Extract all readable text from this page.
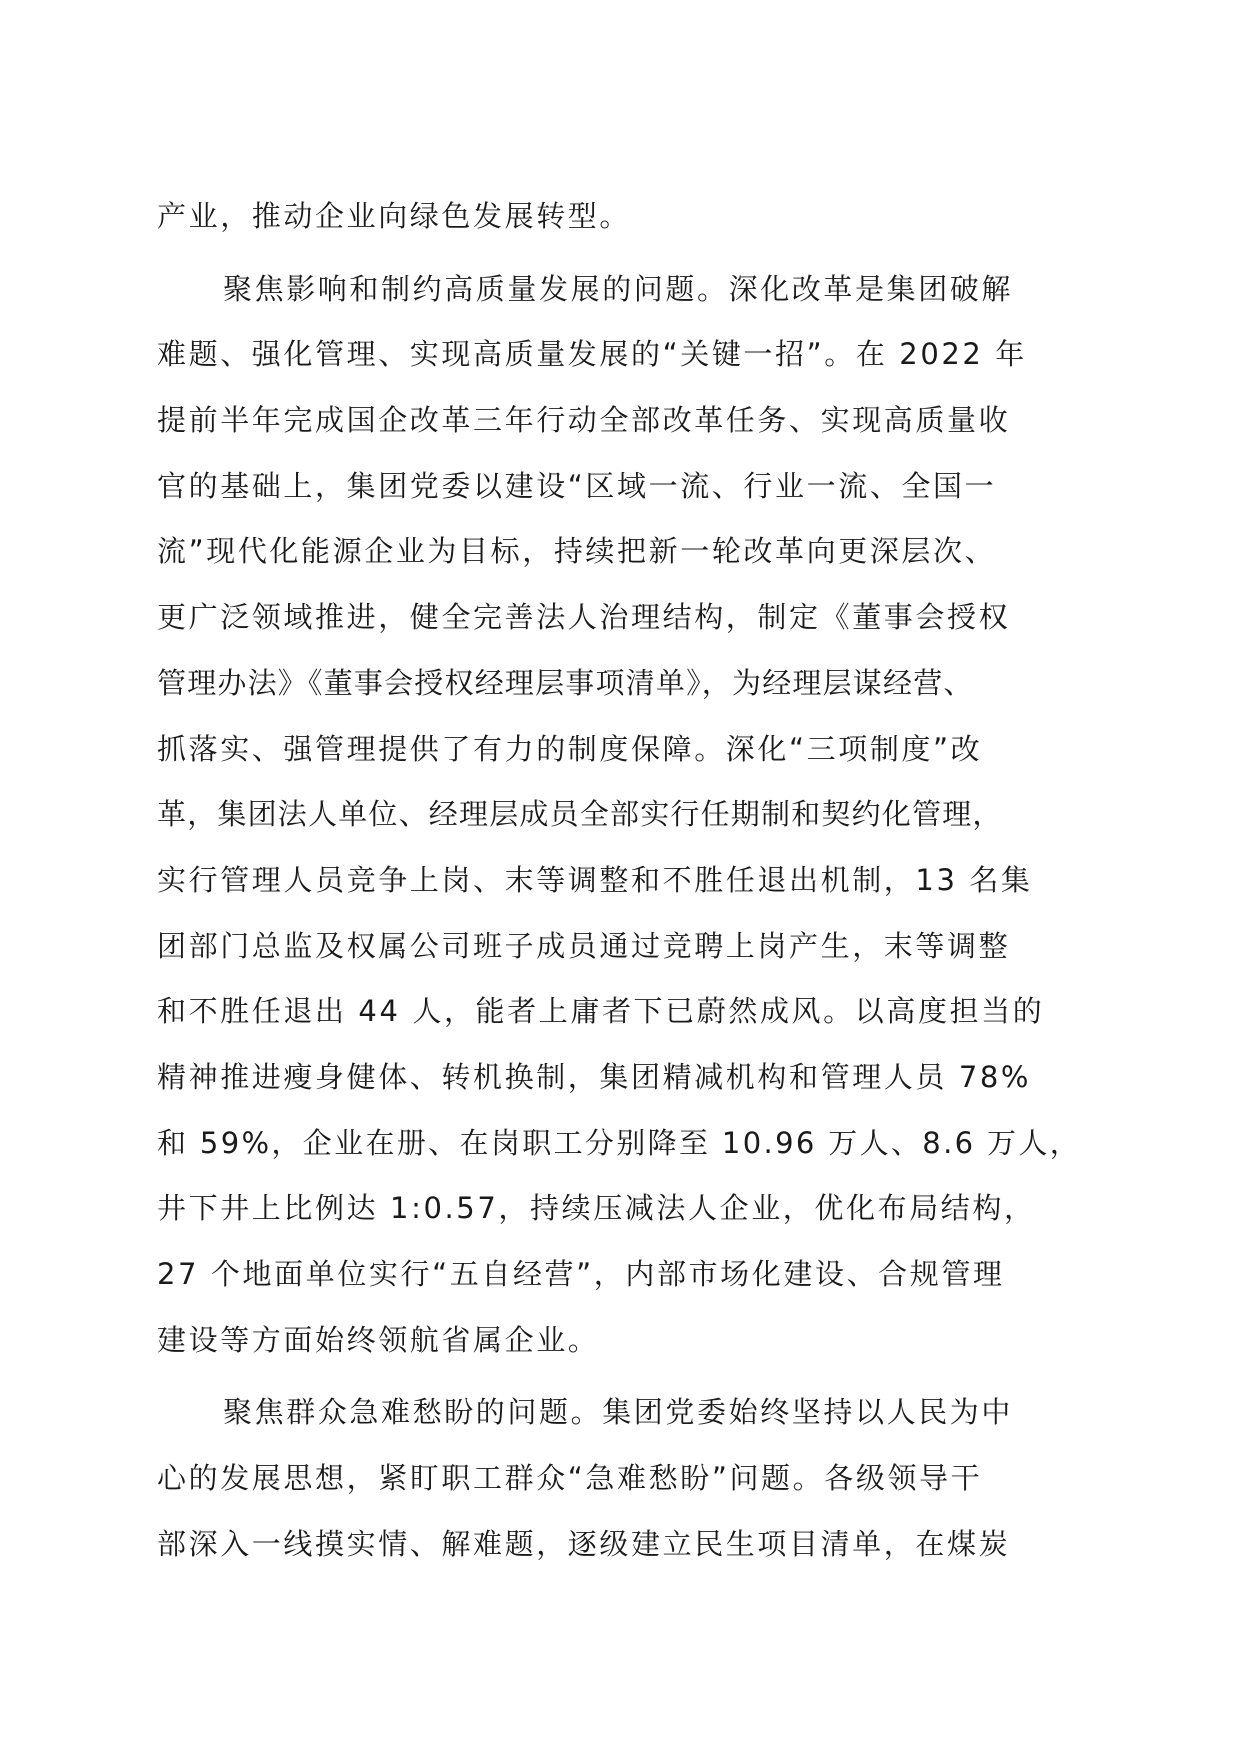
产业，推动企业向绿色发展转型。
聚焦影响和制约高质量发展的问题。深化改革是集团破解
难题、强化管理、实现高质量发展的“关键一招”。在 2022 年
提前半年完成国企改革三年行动全部改革任务、实现高质量收
官的基础上，集团党委以建设“区域一流、行业一流、全国一
流”现代化能源企业为目标，持续把新一轮改革向更深层次、
更广泛领域推进，健全完善法人治理结构，制定《董事会授权
管理办法》《董事会授权经理层事项清单》，为经理层谋经营、
抓落实、强管理提供了有力的制度保障。深化“三项制度”改
革，集团法人单位、经理层成员全部实行任期制和契约化管理，
实行管理人员竞争上岗、末等调整和不胜任退出机制，13 名集
团部门总监及权属公司班子成员通过竞聘上岗产生，末等调整
和不胜任退出 44 人，能者上庸者下已蔚然成风。以高度担当的
精神推进瘦身健体、转机换制，集团精减机构和管理人员 78%
和 59%，企业在册、在岗职工分别降至 10.96 万人、8.6 万人，
井下井上比例达 1:0.57，持续压减法人企业，优化布局结构，
27 个地面单位实行“五自经营”，内部市场化建设、合规管理
建设等方面始终领航省属企业。
聚焦群众急难愁盼的问题。集团党委始终坚持以人民为中
心的发展思想，紧盯职工群众“急难愁盼”问题。各级领导干
部深入一线摸实情、解难题，逐级建立民生项目清单，在煤炭
